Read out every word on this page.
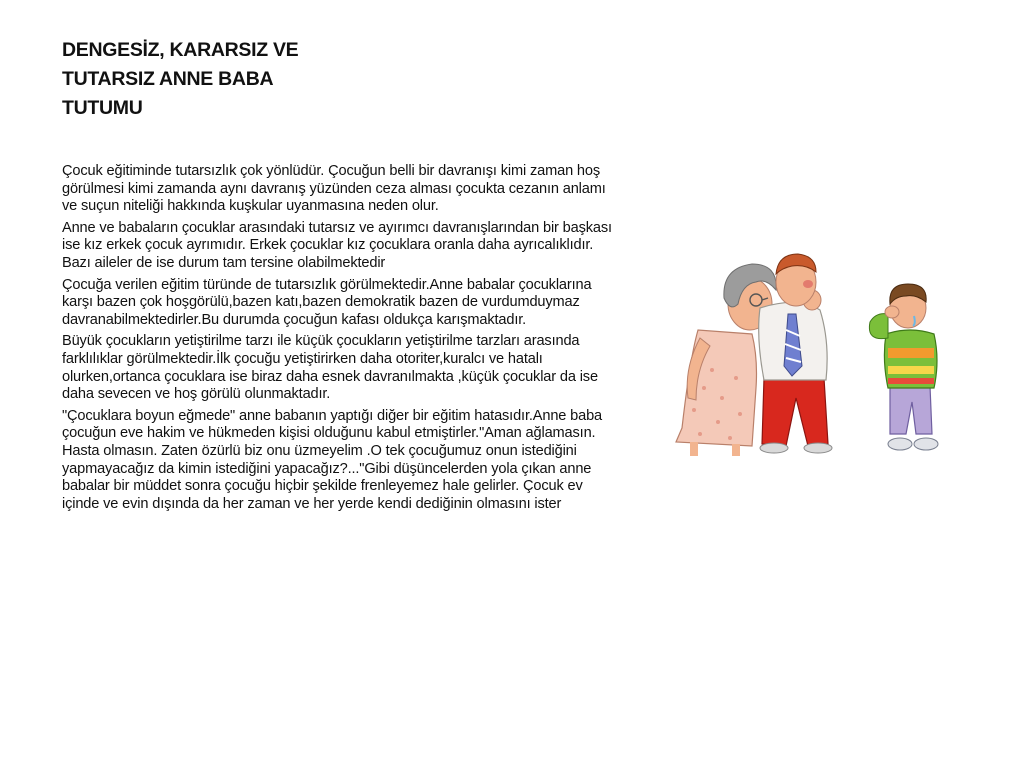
DENGESİZ, KARARSIZ VE
TUTARSIZ ANNE BABA
TUTUMU

Çocuk eğitiminde tutarsızlık çok yönlüdür. Çocuğun belli bir davranışı kimi zaman hoş görülmesi kimi zamanda aynı davranış yüzünden ceza alması çocukta cezanın anlamı ve suçun niteliği hakkında kuşkular uyanmasına neden olur.

Anne ve babaların çocuklar arasındaki tutarsız ve ayırımcı davranışlarından bir başkası ise kız erkek çocuk ayrımıdır. Erkek çocuklar kız çocuklara oranla daha ayrıcalıklıdır. Bazı aileler de ise durum tam tersine olabilmektedir

Çocuğa verilen eğitim türünde de tutarsızlık görülmektedir.Anne babalar çocuklarına karşı bazen çok hoşgörülü,bazen katı,bazen demokratik bazen de vurdumduymaz davranabilmektedirler.Bu durumda çocuğun kafası oldukça karışmaktadır.

Büyük çocukların yetiştirilme tarzı ile küçük çocukların yetiştirilme tarzları arasında farklılıklar görülmektedir.İlk çocuğu yetiştirirken daha otoriter,kuralcı ve hatalı olurken,ortanca çocuklara ise biraz daha esnek davranılmakta ,küçük çocuklar da ise daha sevecen ve hoş görülü olunmaktadır.

"Çocuklara boyun eğmede" anne babanın yaptığı diğer bir eğitim hatasıdır.Anne baba çocuğun eve hakim ve hükmeden kişisi olduğunu kabul etmiştirler."Aman ağlamasın. Hasta olmasın. Zaten özürlü biz onu üzmeyelim .O tek çocuğumuz onun istediğini yapmayacağız da kimin istediğini yapacağız?..."Gibi düşüncelerden yola çıkan anne babalar bir müddet sonra çocuğu hiçbir şekilde frenleyemez hale gelirler. Çocuk ev içinde ve evin dışında da her zaman ve her yerde kendi dediğinin olmasını ister
